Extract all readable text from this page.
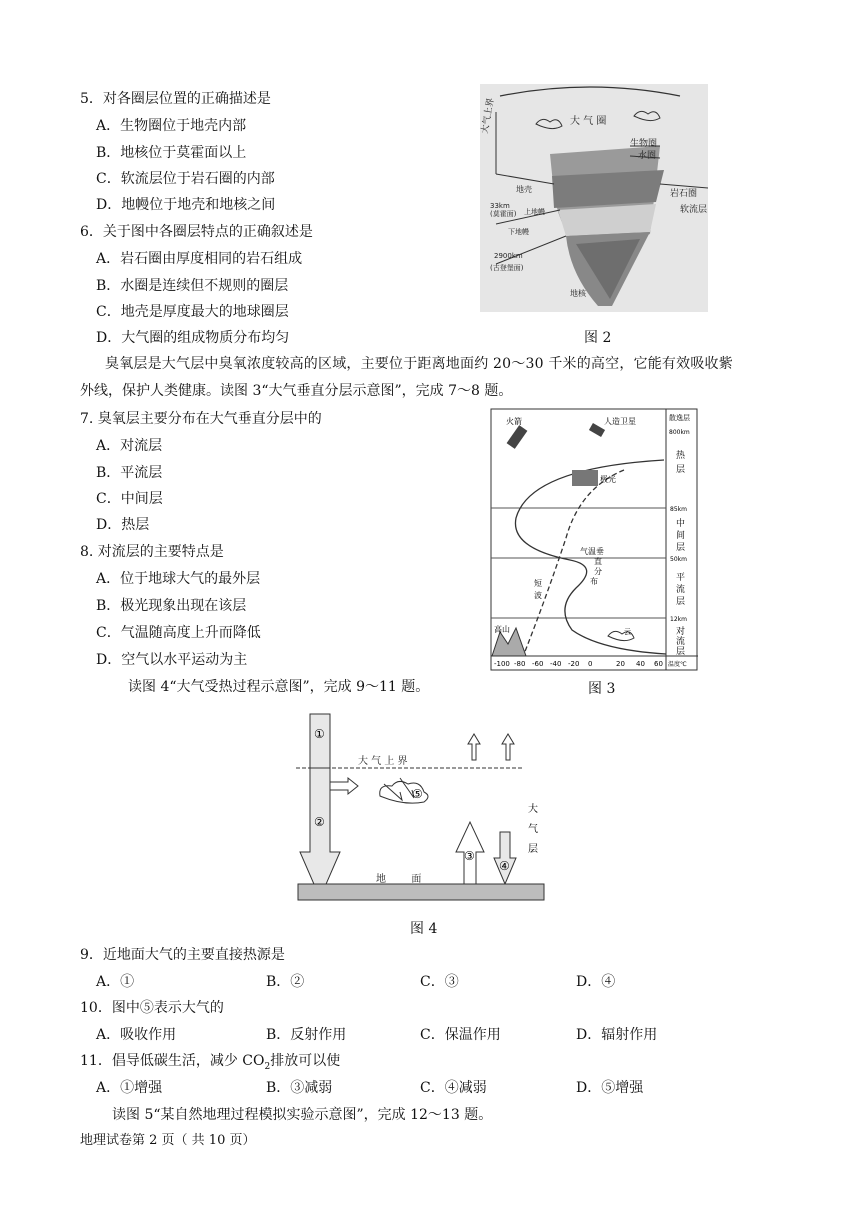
5．对各圈层位置的正确描述是
A．生物圈位于地壳内部
B．地核位于莫霍面以上
C．软流层位于岩石圈的内部
D．地幔位于地壳和地核之间
6．关于图中各圈层特点的正确叙述是
A．岩石圈由厚度相同的岩石组成
B．水圈是连续但不规则的圈层
C．地壳是厚度最大的地球圈层
D．大气圈的组成物质分布均匀
大气上界	大 气 圈
生物圈
水圈
岩石圈
软流层
地壳
33km
(莫霍面) 上地幔
下地幔
2900km
(古登堡面)
地核
图 2
臭氧层是大气层中臭氧浓度较高的区域，主要位于距离地面约 20～30 千米的高空，它能有效吸收紫
外线，保护人类健康。读图 3“大气垂直分层示意图”，完成 7～8 题。
7. 臭氧层主要分布在大气垂直分层中的
A．对流层
B．平流层
C．中间层
D．热层
8. 对流层的主要特点是
A．位于地球大气的最外层
B．极光现象出现在该层
C．气温随高度上升而降低
D．空气以水平运动为主
火箭	人造卫星
极光
短
波
气温垂
直
分
布
云
高山
散逸层
800km
热
层
85km
中
间
层
50km
平
流
层
12km
对
流
层
-100 -80 -60 -40 -20 0	20 40 60 温度℃
图 3
读图 4“大气受热过程示意图”，完成 9～11 题。
①
②
③
④
⑤
大 气 上 界
地        面
大
气
层
图 4
9．近地面大气的主要直接热源是
A．①	B．②	C．③	D．④
10．图中⑤表示大气的
A．吸收作用	B．反射作用	C．保温作用	D．辐射作用
11．倡导低碳生活，减少 $CO_2$排放可以使
A．①增强	B．③减弱	C．④减弱	D．⑤增强
读图 5“某自然地理过程模拟实验示意图”，完成 12～13 题。
地理试卷第 2 页（ 共 10 页）
